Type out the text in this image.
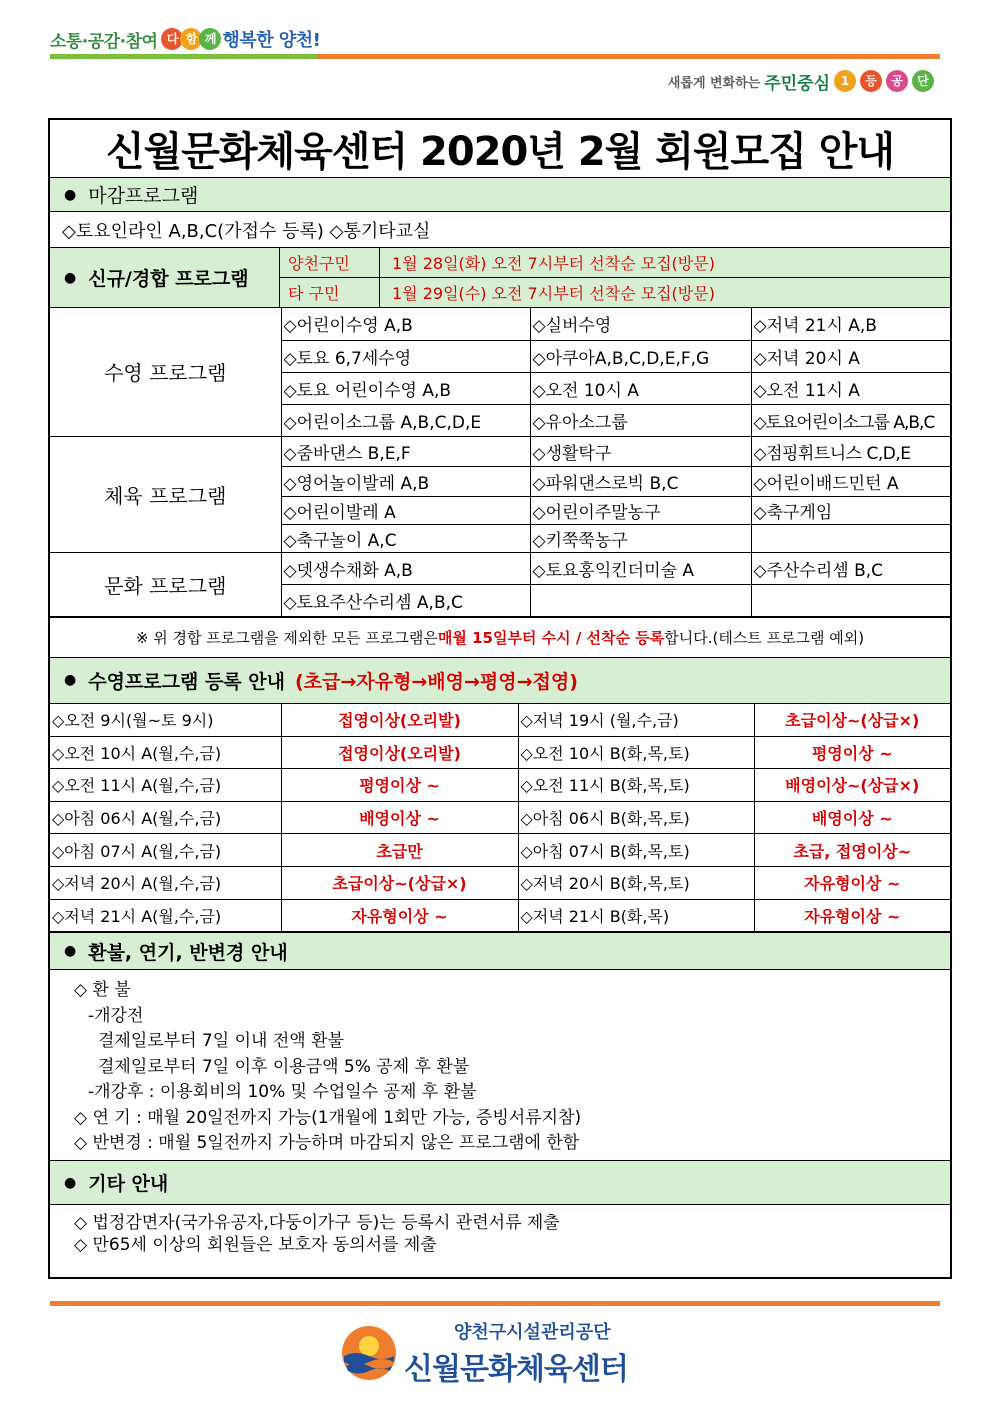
소통·공감·참여 다 함 께 행복한 양천!
새롭게 변화하는 주민중심 1	등	공	단
신월문화체육센터 2020년 2월 회원모집 안내
● 마감프로그램
◇토요인라인 A,B,C(가접수 등록) ◇통기타교실
● 신규/경합 프로그램
양천구민	1월 28일(화) 오전 7시부터 선착순 모집(방문)
타 구민	1월 29일(수) 오전 7시부터 선착순 모집(방문)
수영 프로그램	◇어린이수영 A,B	◇실버수영	◇저녁 21시 A,B
	◇토요 6,7세수영	◇아쿠아A,B,C,D,E,F,G	◇저녁 20시 A
	◇토요 어린이수영 A,B	◇오전 10시 A	◇오전 11시 A
	◇어린이소그룹 A,B,C,D,E	◇유아소그룹	◇토요어린이소그룹 A,B,C
체육 프로그램	◇줌바댄스 B,E,F	◇생활탁구	◇점핑휘트니스 C,D,E
	◇영어놀이발레 A,B	◇파워댄스로빅 B,C	◇어린이배드민턴 A
	◇어린이발레 A	◇어린이주말농구	◇축구게임
	◇축구놀이 A,C	◇키쭉쭉농구	
문화 프로그램	◇뎃생수채화 A,B	◇토요홍익킨더미술 A	◇주산수리셈 B,C
	◇토요주산수리셈 A,B,C		
※ 위 경합 프로그램을 제외한 모든 프로그램은 매월 15일부터 수시 / 선착순 등록 합니다.(테스트 프로그램 예외)
● 수영프로그램 등록 안내 (초급→자유형→배영→평영→접영)
◇오전 9시(월~토 9시)	접영이상(오리발)	◇저녁 19시 (월,수,금)	초급이상~(상급×)
◇오전 10시 A(월,수,금)	접영이상(오리발)	◇오전 10시 B(화,목,토)	평영이상 ~
◇오전 11시 A(월,수,금)	평영이상 ~	◇오전 11시 B(화,목,토)	배영이상~(상급×)
◇아침 06시 A(월,수,금)	배영이상 ~	◇아침 06시 B(화,목,토)	배영이상 ~
◇아침 07시 A(월,수,금)	초급만	◇아침 07시 B(화,목,토)	초급, 접영이상~
◇저녁 20시 A(월,수,금)	초급이상~(상급×)	◇저녁 20시 B(화,목,토)	자유형이상 ~
◇저녁 21시 A(월,수,금)	자유형이상 ~	◇저녁 21시 B(화,목)	자유형이상 ~
● 환불, 연기, 반변경 안내
◇ 환 불
-개강전
결제일로부터 7일 이내 전액 환불
결제일로부터 7일 이후 이용금액 5% 공제 후 환불
-개강후 : 이용회비의 10% 및 수업일수 공제 후 환불
◇ 연 기 : 매월 20일전까지 가능(1개월에 1회만 가능, 증빙서류지참)
◇ 반변경 : 매월 5일전까지 가능하며 마감되지 않은 프로그램에 한함
● 기타 안내
◇ 법정감면자(국가유공자,다둥이가구 등)는 등록시 관련서류 제출
◇ 만65세 이상의 회원들은 보호자 동의서를 제출
양천구시설관리공단
신월문화체육센터
